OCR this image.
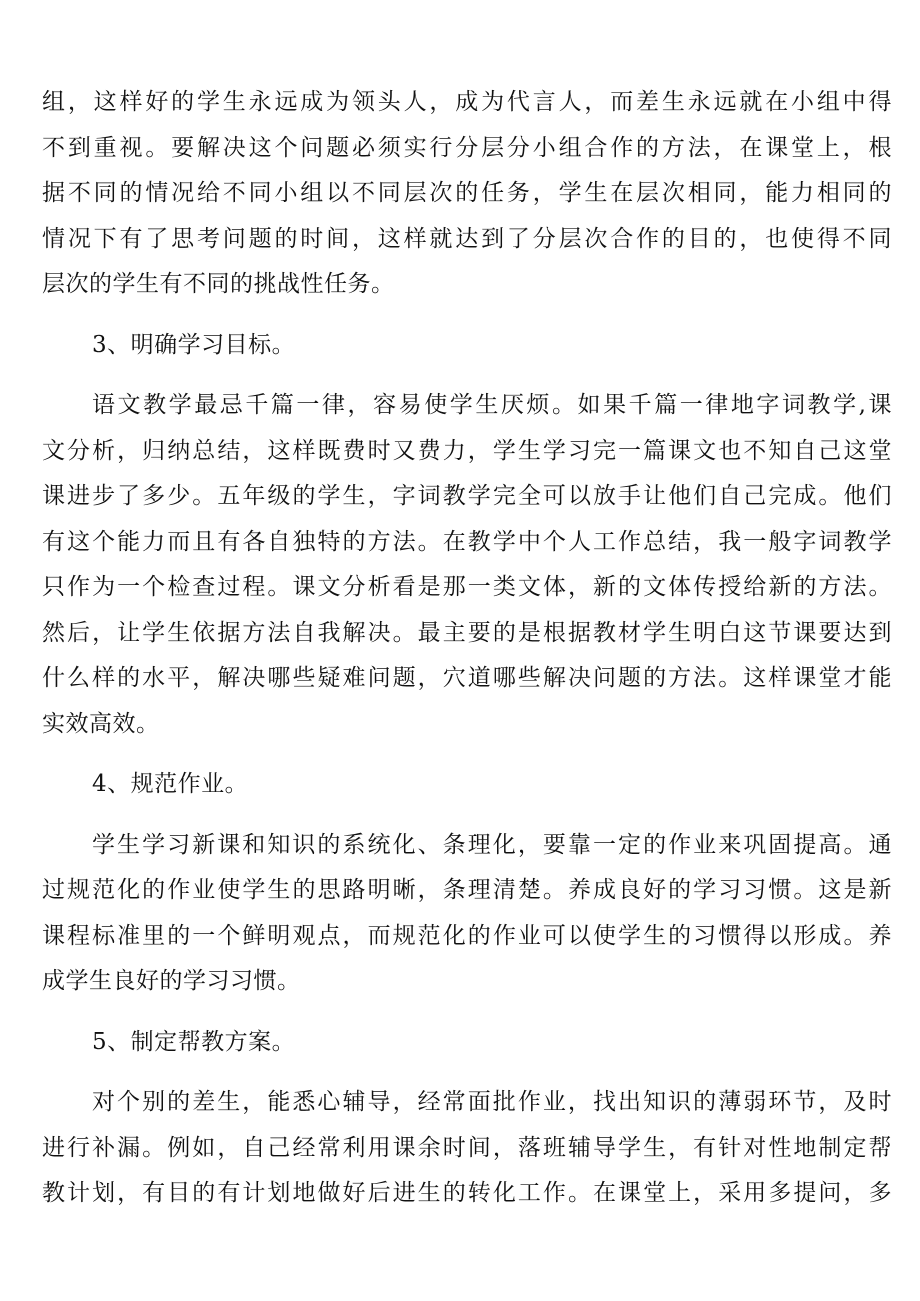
组，这样好的学生永远成为领头人，成为代言人，而差生永远就在小组中得
不到重视。要解决这个问题必须实行分层分小组合作的方法，在课堂上，根
据不同的情况给不同小组以不同层次的任务，学生在层次相同，能力相同的
情况下有了思考问题的时间，这样就达到了分层次合作的目的，也使得不同
层次的学生有不同的挑战性任务。
3、明确学习目标。
语文教学最忌千篇一律，容易使学生厌烦。如果千篇一律地字词教学,课
文分析，归纳总结，这样既费时又费力，学生学习完一篇课文也不知自己这堂
课进步了多少。五年级的学生，字词教学完全可以放手让他们自己完成。他们
有这个能力而且有各自独特的方法。在教学中个人工作总结，我一般字词教学
只作为一个检查过程。课文分析看是那一类文体，新的文体传授给新的方法。
然后，让学生依据方法自我解决。最主要的是根据教材学生明白这节课要达到
什么样的水平，解决哪些疑难问题，穴道哪些解决问题的方法。这样课堂才能
实效高效。
4、规范作业。
学生学习新课和知识的系统化、条理化，要靠一定的作业来巩固提高。通
过规范化的作业使学生的思路明晰，条理清楚。养成良好的学习习惯。这是新
课程标准里的一个鲜明观点，而规范化的作业可以使学生的习惯得以形成。养
成学生良好的学习习惯。
5、制定帮教方案。
对个别的差生，能悉心辅导，经常面批作业，找出知识的薄弱环节，及时
进行补漏。例如，自己经常利用课余时间，落班辅导学生，有针对性地制定帮
教计划，有目的有计划地做好后进生的转化工作。在课堂上，采用多提问，多
